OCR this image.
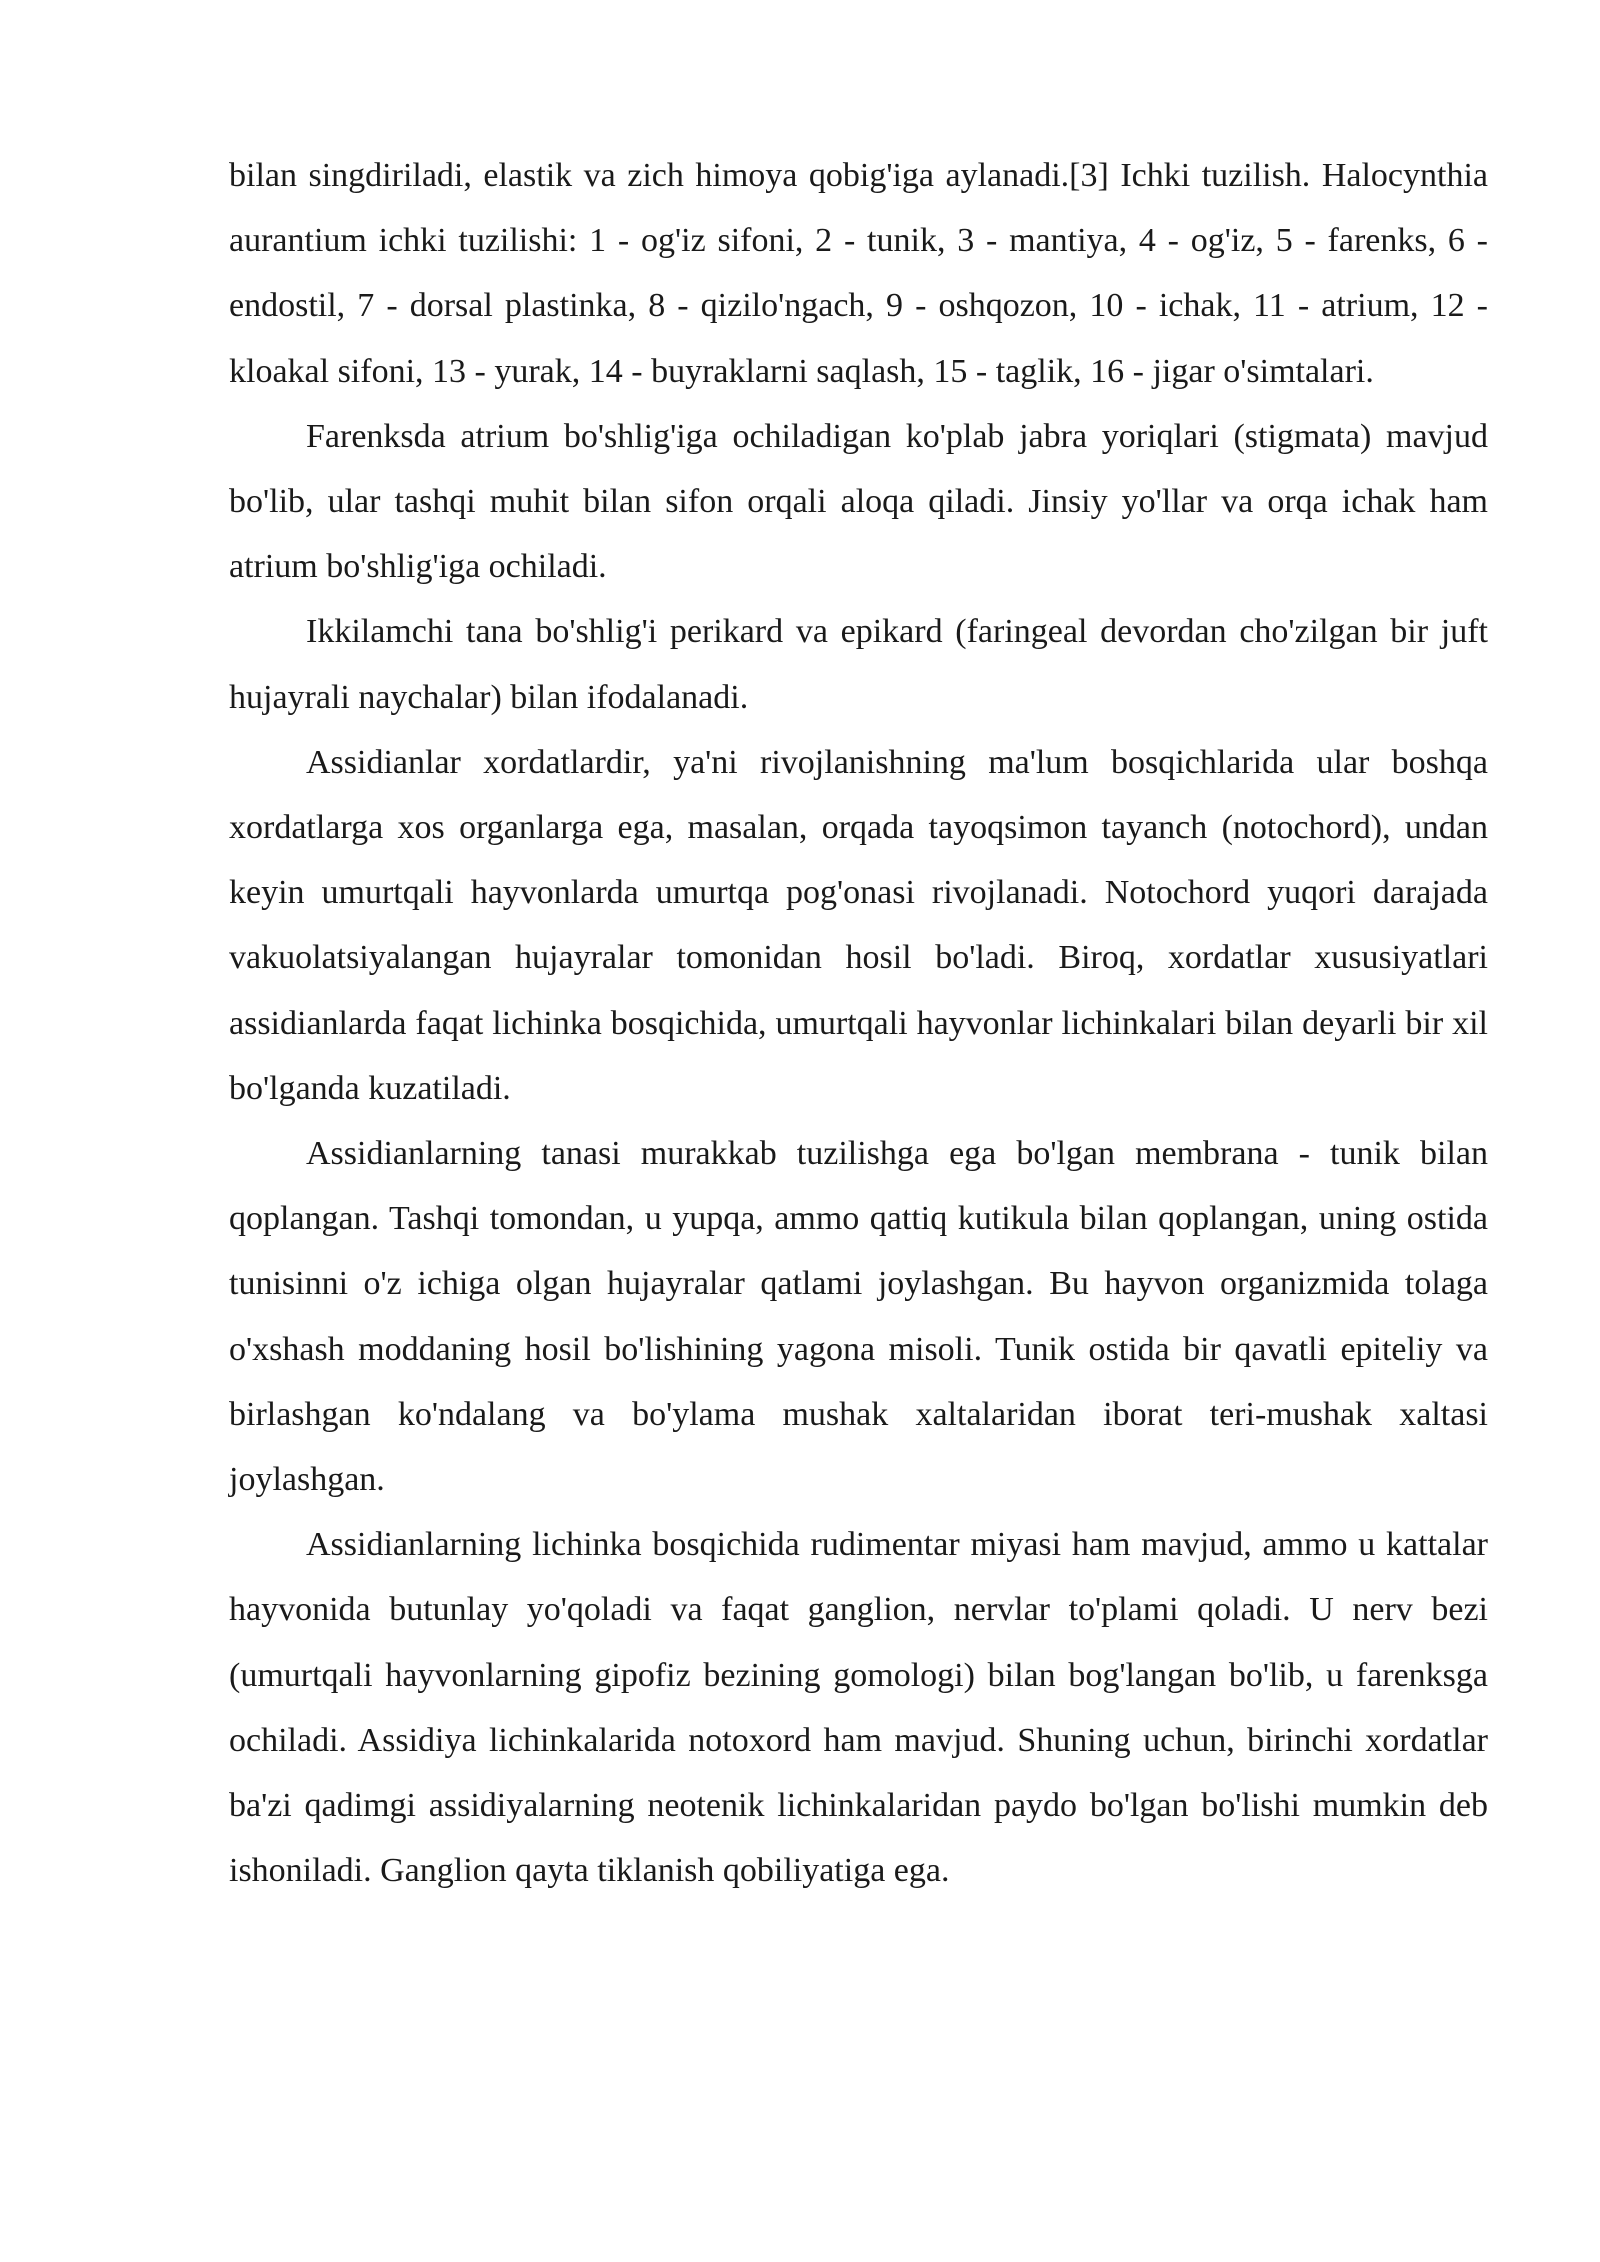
bilan singdiriladi, elastik va zich himoya qobig'iga aylanadi.[3] Ichki tuzilish. Halocynthia aurantium ichki tuzilishi: 1 - og'iz sifoni, 2 - tunik, 3 - mantiya, 4 - og'iz, 5 - farenks, 6 - endostil, 7 - dorsal plastinka, 8 - qizilo'ngach, 9 - oshqozon, 10 - ichak, 11 - atrium, 12 - kloakal sifoni, 13 - yurak, 14 - buyraklarni saqlash, 15 - taglik, 16 - jigar o'simtalari.

Farenksda atrium bo'shlig'iga ochiladigan ko'plab jabra yoriqlari (stigmata) mavjud bo'lib, ular tashqi muhit bilan sifon orqali aloqa qiladi. Jinsiy yo'llar va orqa ichak ham atrium bo'shlig'iga ochiladi.

Ikkilamchi tana bo'shlig'i perikard va epikard (faringeal devordan cho'zilgan bir juft hujayrali naychalar) bilan ifodalanadi.

Assidianlar xordatlardir, ya'ni rivojlanishning ma'lum bosqichlarida ular boshqa xordatlarga xos organlarga ega, masalan, orqada tayoqsimon tayanch (notochord), undan keyin umurtqali hayvonlarda umurtqa pog'onasi rivojlanadi. Notochord yuqori darajada vakuolatsiyalangan hujayralar tomonidan hosil bo'ladi. Biroq, xordatlar xususiyatlari assidianlarda faqat lichinka bosqichida, umurtqali hayvonlar lichinkalari bilan deyarli bir xil bo'lganda kuzatiladi.

Assidianlarning tanasi murakkab tuzilishga ega bo'lgan membrana - tunik bilan qoplangan. Tashqi tomondan, u yupqa, ammo qattiq kutikula bilan qoplangan, uning ostida tunisinni o'z ichiga olgan hujayralar qatlami joylashgan. Bu hayvon organizmida tolaga o'xshash moddaning hosil bo'lishining yagona misoli. Tunik ostida bir qavatli epiteliy va birlashgan ko'ndalang va bo'ylama mushak xaltalaridan iborat teri-mushak xaltasi joylashgan.

Assidianlarning lichinka bosqichida rudimentar miyasi ham mavjud, ammo u kattalar hayvonida butunlay yo'qoladi va faqat ganglion, nervlar to'plami qoladi. U nerv bezi (umurtqali hayvonlarning gipofiz bezining gomologi) bilan bog'langan bo'lib, u farenksga ochiladi. Assidiya lichinkalarida notoxord ham mavjud. Shuning uchun, birinchi xordatlar ba'zi qadimgi assidiyalarning neotenik lichinkalaridan paydo bo'lgan bo'lishi mumkin deb ishoniladi. Ganglion qayta tiklanish qobiliyatiga ega.
